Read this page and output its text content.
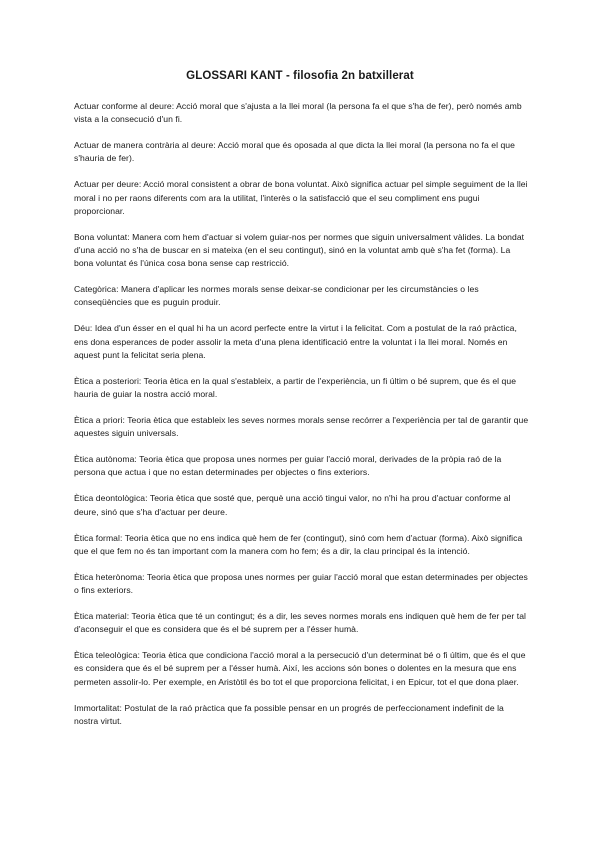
GLOSSARI KANT - filosofia 2n batxillerat

Actuar conforme al deure: Acció moral que s'ajusta a la llei moral (la persona fa el que s'ha de fer), però només amb vista a la consecució d'un fi.

Actuar de manera contrària al deure: Acció moral que és oposada al que dicta la llei moral (la persona no fa el que s'hauria de fer).

Actuar per deure: Acció moral consistent a obrar de bona voluntat. Això significa actuar pel simple seguiment de la llei moral i no per raons diferents com ara la utilitat, l'interès o la satisfacció que el seu compliment ens pugui proporcionar.

Bona voluntat: Manera com hem d'actuar si volem guiar-nos per normes que siguin universalment vàlides. La bondat d'una acció no s'ha de buscar en si mateixa (en el seu contingut), sinó en la voluntat amb què s'ha fet (forma). La bona voluntat és l'única cosa bona sense cap restricció.

Categòrica: Manera d'aplicar les normes morals sense deixar-se condicionar per les circumstàncies o les conseqüències que es puguin produir.

Déu: Idea d'un ésser en el qual hi ha un acord perfecte entre la virtut i la felicitat. Com a postulat de la raó pràctica, ens dona esperances de poder assolir la meta d'una plena identificació entre la voluntat i la llei moral. Només en aquest punt la felicitat seria plena.

Ètica a posteriori: Teoria ètica en la qual s'estableix, a partir de l'experiència, un fi últim o bé suprem, que és el que hauria de guiar la nostra acció moral.

Ètica a priori: Teoria ètica que estableix les seves normes morals sense recórrer a l'experiència per tal de garantir que aquestes siguin universals.

Ètica autònoma: Teoria ètica que proposa unes normes per guiar l'acció moral, derivades de la pròpia raó de la persona que actua i que no estan determinades per objectes o fins exteriors.

Ètica deontològica: Teoria ètica que sosté que, perquè una acció tingui valor, no n'hi ha prou d'actuar conforme al deure, sinó que s'ha d'actuar per deure.

Ètica formal: Teoria ètica que no ens indica què hem de fer (contingut), sinó com hem d'actuar (forma). Això significa que el que fem no és tan important com la manera com ho fem; és a dir, la clau principal és la intenció.

Ètica heterònoma: Teoria ètica que proposa unes normes per guiar l'acció moral que estan determinades per objectes o fins exteriors.

Ètica material: Teoria ètica que té un contingut; és a dir, les seves normes morals ens indiquen què hem de fer per tal d'aconseguir el que es considera que és el bé suprem per a l'ésser humà.

Ètica teleològica: Teoria ètica que condiciona l'acció moral a la persecució d'un determinat bé o fi últim, que és el que es considera que és el bé suprem per a l'ésser humà. Així, les accions són bones o dolentes en la mesura que ens permeten assolir-lo. Per exemple, en Aristòtil és bo tot el que proporciona felicitat, i en Epicur, tot el que dona plaer.

Immortalitat: Postulat de la raó pràctica que fa possible pensar en un progrés de perfeccionament indefinit de la nostra virtut.
